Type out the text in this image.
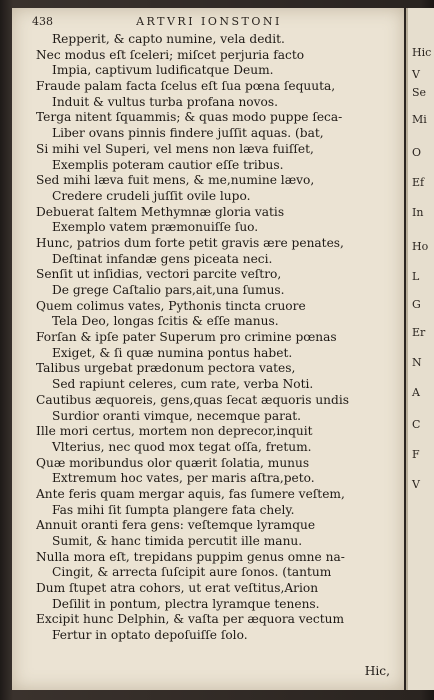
438	ARTVRI IONSTONI
Repperit, & capto numine, vela dedit.
Nec modus eſt ſceleri; miſcet perjuria facto
Impia, captivum ludificatque Deum.
Fraude palam facta ſcelus eſt ſua pœna ſequuta,
Induit & vultus turba profana novos.
Terga nitent ſquammis; & quas modo puppe ſeca-
Liber ovans pinnis findere juſſit aquas. (bat,
Si mihi vel Superi, vel mens non læva fuiſſet,
Exemplis poteram cautior eſſe tribus.
Sed mihi læva fuit mens, & me,numine lævo,
Credere crudeli juſſit ovile lupo.
Debuerat ſaltem Methymnæ gloria vatis
Exemplo vatem præmonuiſſe ſuo.
Hunc, patrios dum forte petit gravis ære penates,
Deſtinat infandæ gens piceata neci.
Senſit ut inſidias, vectori parcite veſtro,
De grege Caſtalio pars,ait,una ſumus.
Quem colimus vates, Pythonis tincta cruore
Tela Deo, longas ſcitis & eſſe manus.
Forſan & ipſe pater Superum pro crimine pœnas
Exiget, & ſi quæ numina pontus habet.
Talibus urgebat prædonum pectora vates,
Sed rapiunt celeres, cum rate, verba Noti.
Cautibus æquoreis, gens,quas ſecat æquoris undis
Surdior oranti vimque, necemque parat.
Ille mori certus, mortem non deprecor,inquit
Vlterius, nec quod mox tegat oſſa, fretum.
Quæ moribundus olor quærit ſolatia, munus
Extremum hoc vates, per maris aſtra,peto.
Ante feris quam mergar aquis, fas ſumere veſtem,
Fas mihi ſit ſumpta plangere fata chely.
Annuit oranti fera gens: veſtemque lyramque
Sumit, & hanc timida percutit ille manu.
Nulla mora eſt, trepidans puppim genus omne na-
Cingit, & arrecta ſuſcipit aure ſonos. (tantum
Dum ſtupet atra cohors, ut erat veſtitus,Arion
Deſilit in pontum, plectra lyramque tenens.
Excipit hunc Delphin, & vaſta per æquora vectum
Fertur in optato depoſuiſſe ſolo.
Hic,
Hic
V
Se
Mi
O
Ef
In
Ho
L
G
Er
N
A
C
F
V
